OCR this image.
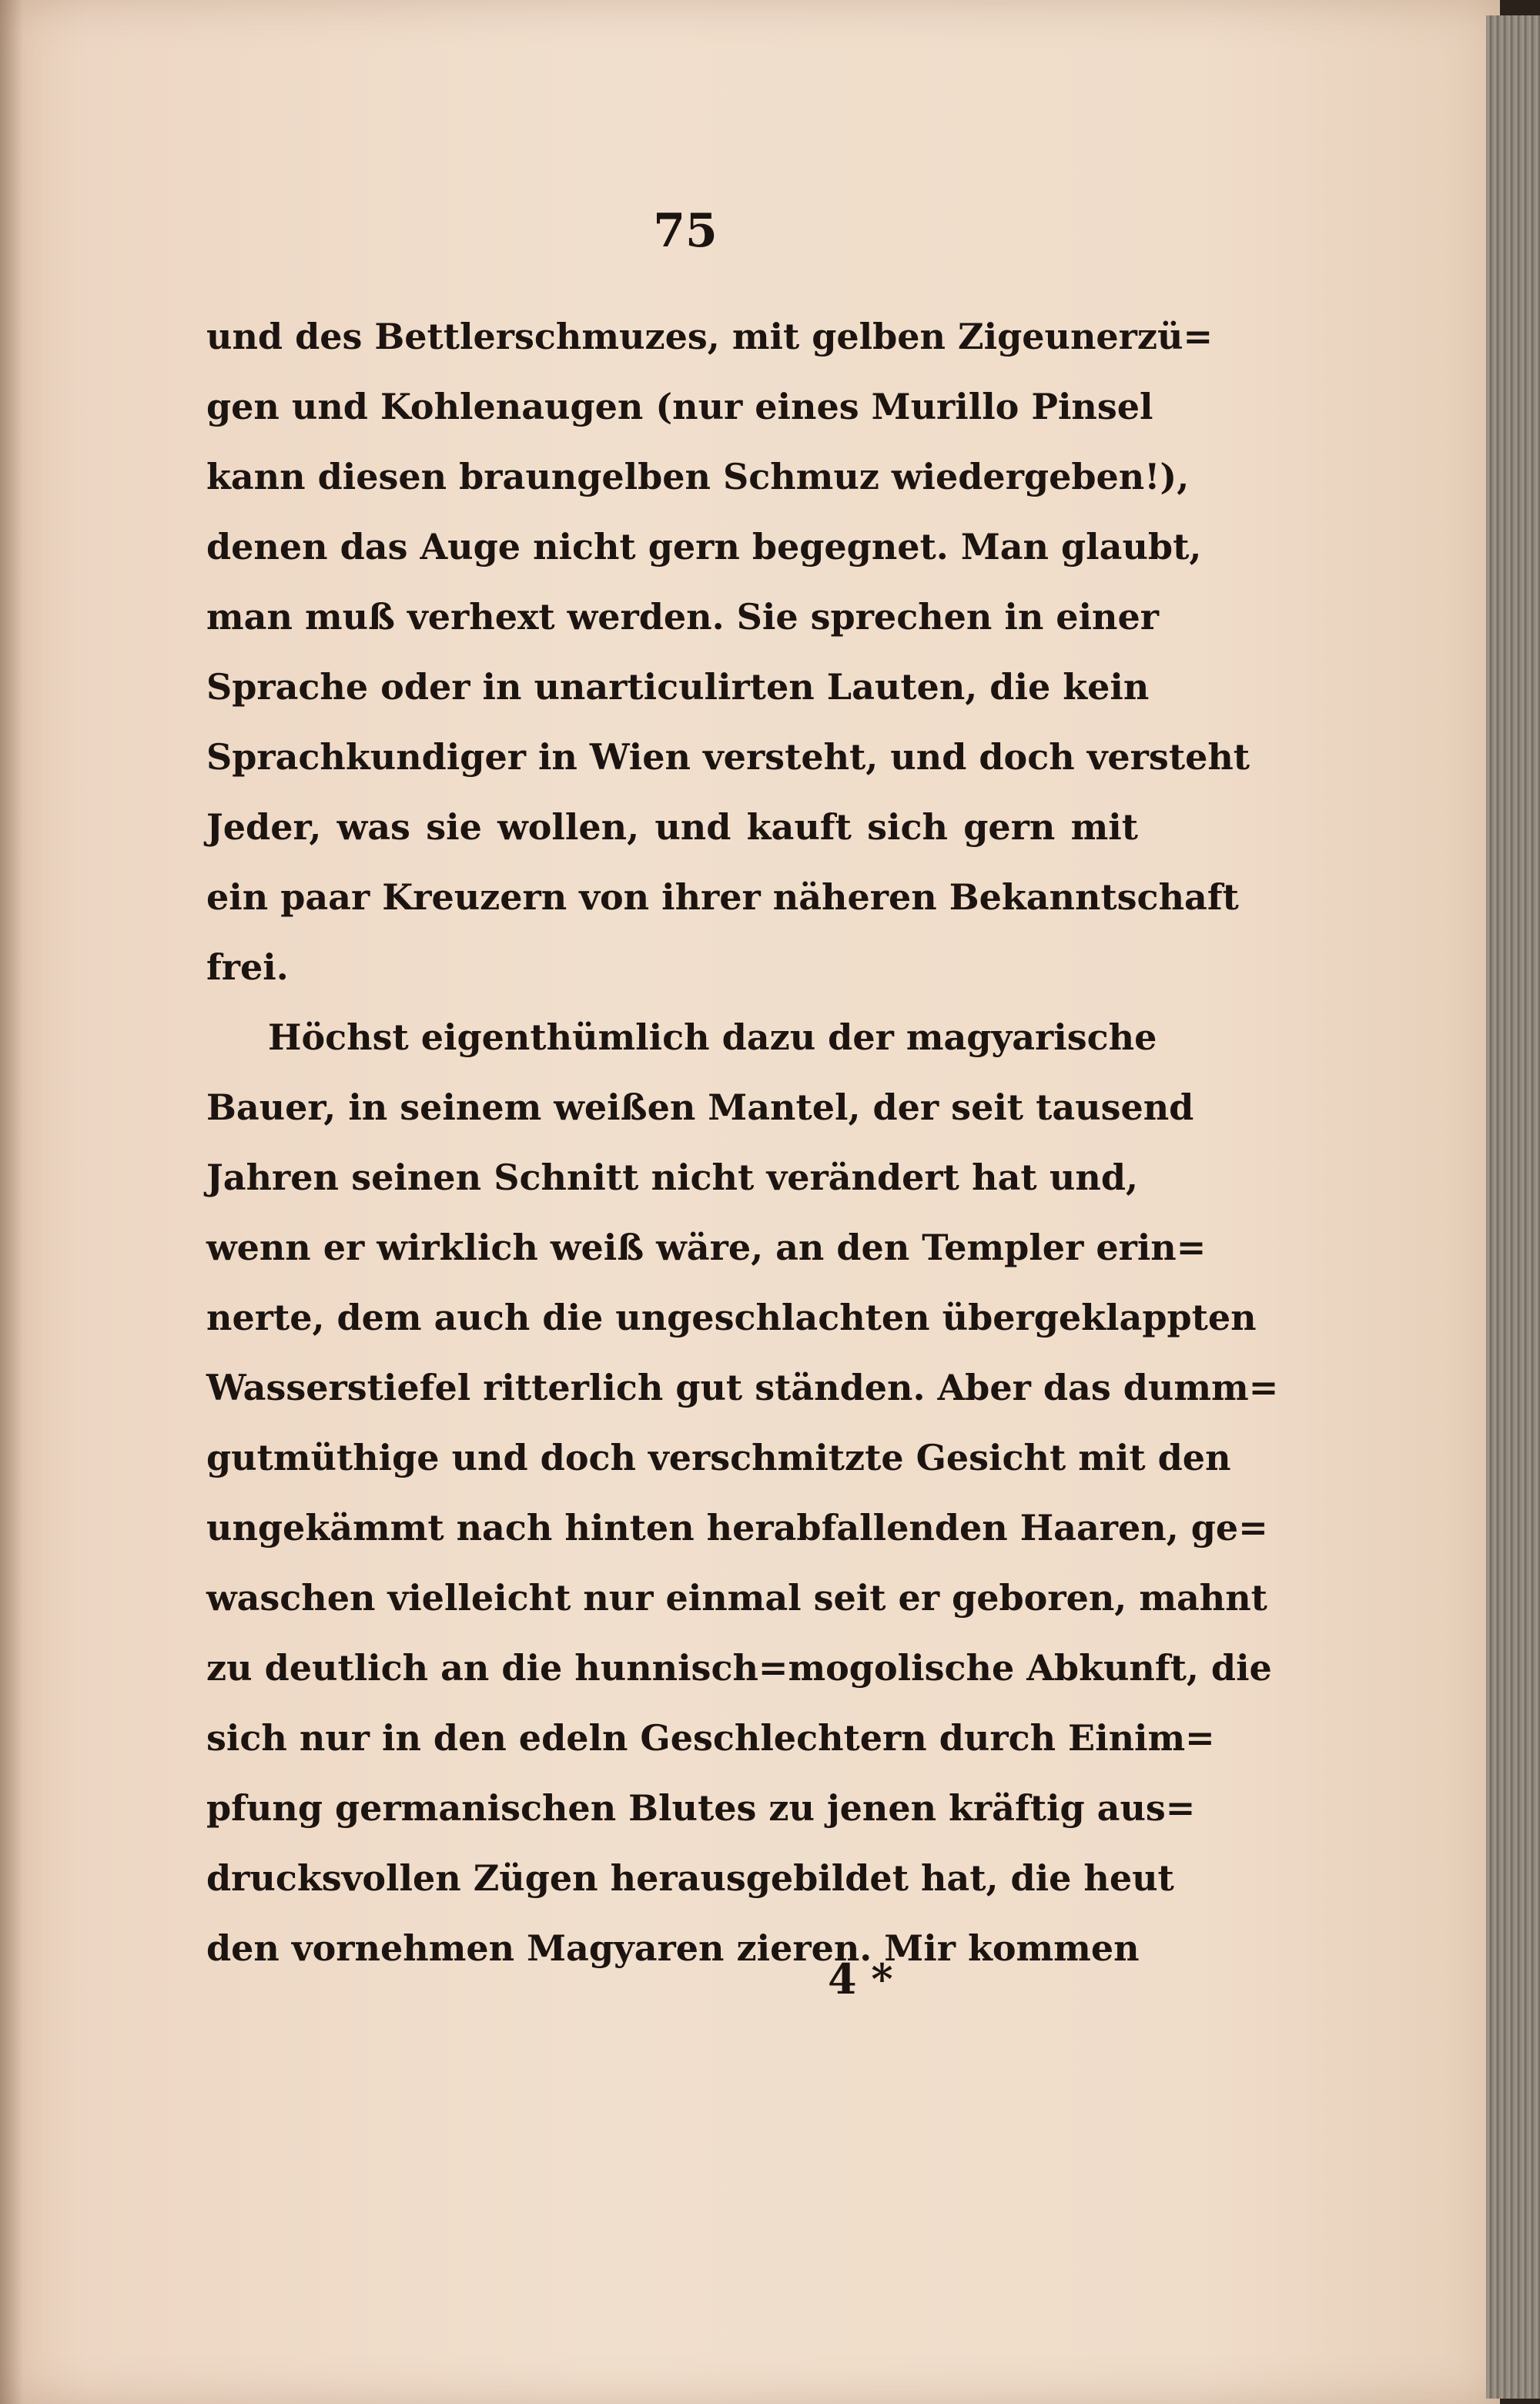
75
und des Bettlerschmuzes, mit gelben Zigeunerzü=
gen und Kohlenaugen (nur eines Murillo Pinsel
kann diesen braungelben Schmuz wiedergeben!),
denen das Auge nicht gern begegnet. Man glaubt,
man muß verhext werden. Sie sprechen in einer
Sprache oder in unarticulirten Lauten, die kein
Sprachkundiger in Wien versteht, und doch versteht
Jeder, was sie wollen, und kauft sich gern mit
ein paar Kreuzern von ihrer näheren Bekanntschaft
frei.
Höchst eigenthümlich dazu der magyarische
Bauer, in seinem weißen Mantel, der seit tausend
Jahren seinen Schnitt nicht verändert hat und,
wenn er wirklich weiß wäre, an den Templer erin=
nerte, dem auch die ungeschlachten übergeklappten
Wasserstiefel ritterlich gut ständen. Aber das dumm=
gutmüthige und doch verschmitzte Gesicht mit den
ungekämmt nach hinten herabfallenden Haaren, ge=
waschen vielleicht nur einmal seit er geboren, mahnt
zu deutlich an die hunnisch=mogolische Abkunft, die
sich nur in den edeln Geschlechtern durch Einim=
pfung germanischen Blutes zu jenen kräftig aus=
drucksvollen Zügen herausgebildet hat, die heut
den vornehmen Magyaren zieren. Mir kommen
4 *
